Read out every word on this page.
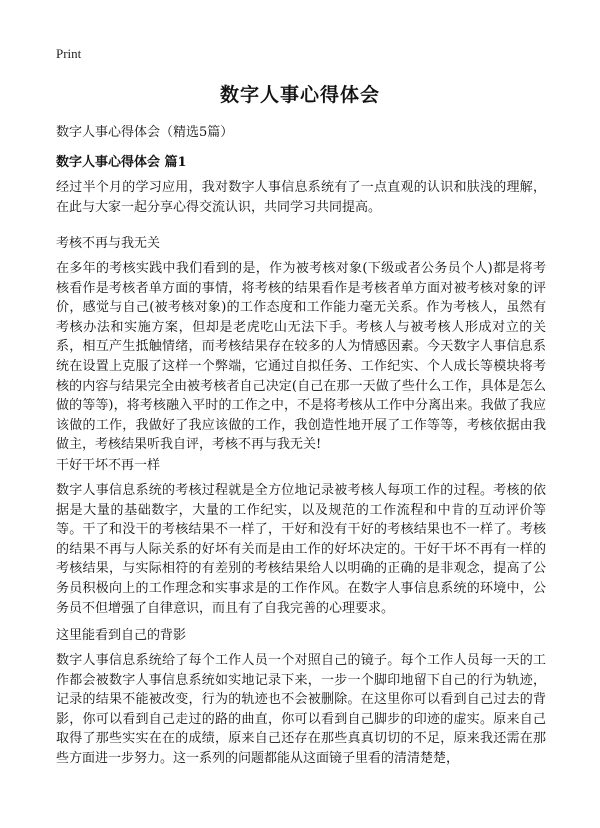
Print
数字人事心得体会

数字人事心得体会（精选5篇）

数字人事心得体会 篇1

经过半个月的学习应用，我对数字人事信息系统有了一点直观的认识和肤浅的理解，在此与大家一起分享心得交流认识，共同学习共同提高。

考核不再与我无关

在多年的考核实践中我们看到的是，作为被考核对象(下级或者公务员个人)都是将考核看作是考核者单方面的事情，将考核的结果看作是考核者单方面对被考核对象的评价，感觉与自己(被考核对象)的工作态度和工作能力毫无关系。作为考核人，虽然有考核办法和实施方案，但却是老虎吃山无法下手。考核人与被考核人形成对立的关系，相互产生抵触情绪，而考核结果存在较多的人为情感因素。今天数字人事信息系统在设置上克服了这样一个弊端，它通过自拟任务、工作纪实、个人成长等模块将考核的内容与结果完全由被考核者自己决定(自己在那一天做了些什么工作，具体是怎么做的等等)，将考核融入平时的工作之中，不是将考核从工作中分离出来。我做了我应该做的工作，我做好了我应该做的工作，我创造性地开展了工作等等，考核依据由我做主，考核结果听我自评，考核不再与我无关!

干好干坏不再一样

数字人事信息系统的考核过程就是全方位地记录被考核人每项工作的过程。考核的依据是大量的基础数字，大量的工作纪实，以及规范的工作流程和中肯的互动评价等等。干了和没干的考核结果不一样了，干好和没有干好的考核结果也不一样了。考核的结果不再与人际关系的好坏有关而是由工作的好坏决定的。干好干坏不再有一样的考核结果，与实际相符的有差别的考核结果给人以明确的正确的是非观念，提高了公务员积极向上的工作理念和实事求是的工作作风。在数字人事信息系统的环境中，公务员不但增强了自律意识，而且有了自我完善的心理要求。

这里能看到自己的背影

数字人事信息系统给了每个工作人员一个对照自己的镜子。每个工作人员每一天的工作都会被数字人事信息系统如实地记录下来，一步一个脚印地留下自己的行为轨迹，记录的结果不能被改变，行为的轨迹也不会被删除。在这里你可以看到自己过去的背影，你可以看到自己走过的路的曲直，你可以看到自己脚步的印迹的虚实。原来自己取得了那些实实在在的成绩，原来自己还存在那些真真切切的不足，原来我还需在那些方面进一步努力。这一系列的问题都能从这面镜子里看的清清楚楚，
